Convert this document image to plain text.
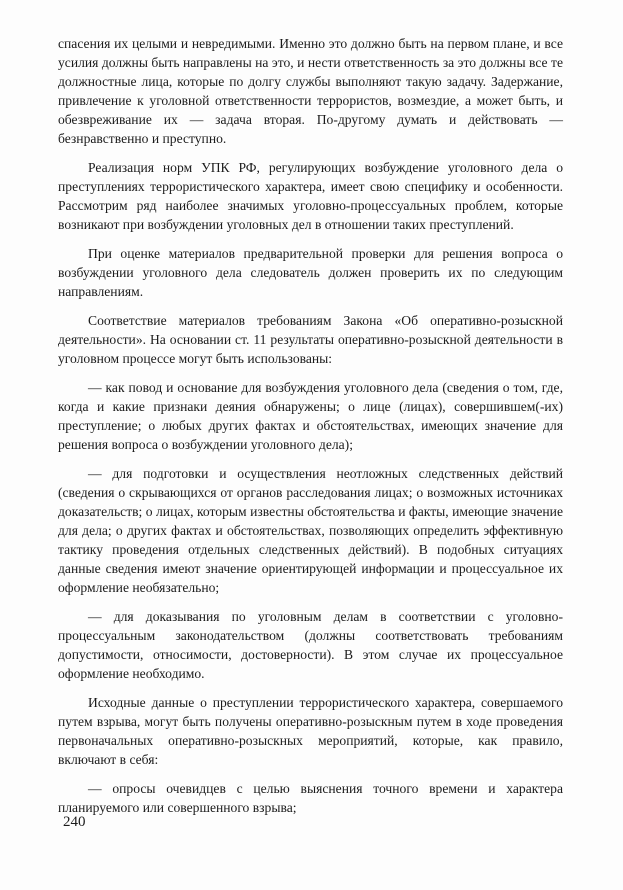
спасения их целыми и невредимыми. Именно это должно быть на первом плане, и все усилия должны быть направлены на это, и нести ответственность за это должны все те должностные лица, которые по долгу службы выполняют такую задачу. Задержание, привлечение к уголовной ответственности террористов, возмездие, а может быть, и обезвреживание их — задача вторая. По-другому думать и действовать — безнравственно и преступно.

Реализация норм УПК РФ, регулирующих возбуждение уголовного дела о преступлениях террористического характера, имеет свою специфику и особенности. Рассмотрим ряд наиболее значимых уголовно-процессуальных проблем, которые возникают при возбуждении уголовных дел в отношении таких преступлений.

При оценке материалов предварительной проверки для решения вопроса о возбуждении уголовного дела следователь должен проверить их по следующим направлениям.

Соответствие материалов требованиям Закона «Об оперативно-розыскной деятельности». На основании ст. 11 результаты оперативно-розыскной деятельности в уголовном процессе могут быть использованы:

— как повод и основание для возбуждения уголовного дела (сведения о том, где, когда и какие признаки деяния обнаружены; о лице (лицах), совершившем(-их) преступление; о любых других фактах и обстоятельствах, имеющих значение для решения вопроса о возбуждении уголовного дела);

— для подготовки и осуществления неотложных следственных действий (сведения о скрывающихся от органов расследования лицах; о возможных источниках доказательств; о лицах, которым известны обстоятельства и факты, имеющие значение для дела; о других фактах и обстоятельствах, позволяющих определить эффективную тактику проведения отдельных следственных действий). В подобных ситуациях данные сведения имеют значение ориентирующей информации и процессуальное их оформление необязательно;

— для доказывания по уголовным делам в соответствии с уголовно-процессуальным законодательством (должны соответствовать требованиям допустимости, относимости, достоверности). В этом случае их процессуальное оформление необходимо.

Исходные данные о преступлении террористического характера, совершаемого путем взрыва, могут быть получены оперативно-розыскным путем в ходе проведения первоначальных оперативно-розыскных мероприятий, которые, как правило, включают в себя:

— опросы очевидцев с целью выяснения точного времени и характера планируемого или совершенного взрыва;

240
